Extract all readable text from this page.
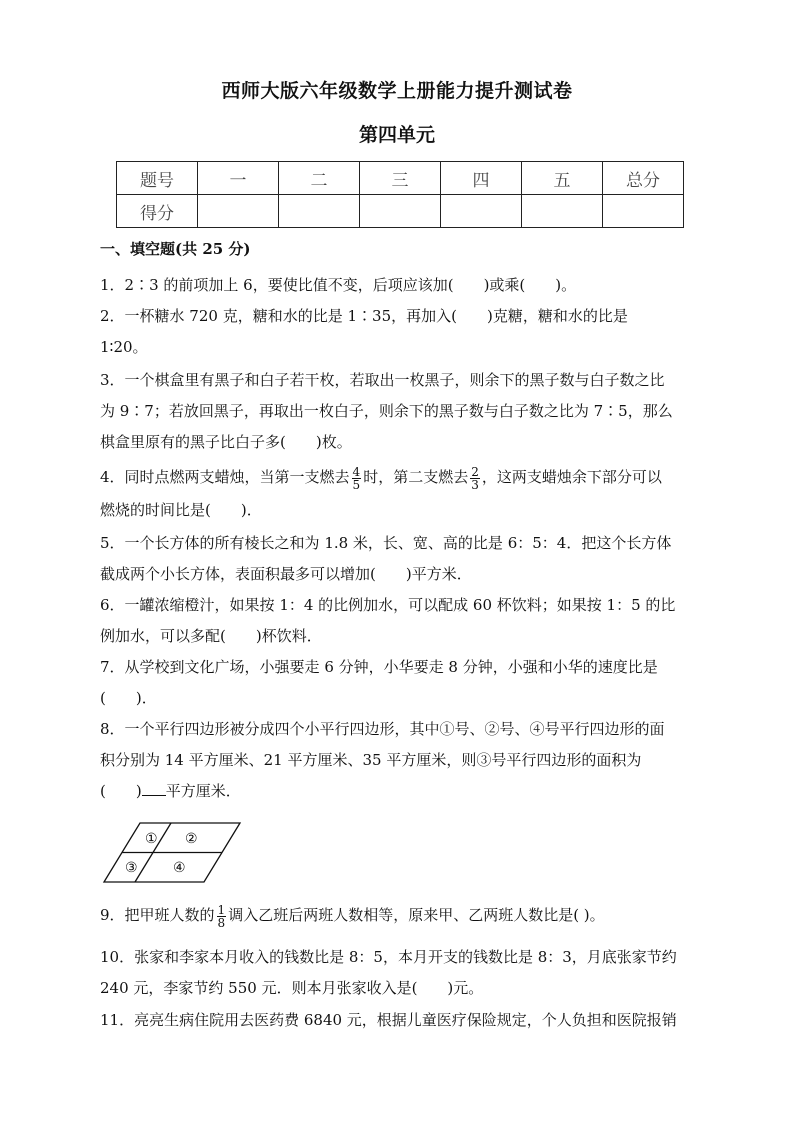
西师大版六年级数学上册能力提升测试卷
第四单元
题号	一	二	三	四	五	总分
得分						
一、填空题(共 25 分)
1．2∶3 的前项加上 6，要使比值不变，后项应该加(　　)或乘(　　)。
2．一杯糖水 720 克，糖和水的比是 1∶35，再加入(　　)克糖，糖和水的比是
1∶20。
3．一个棋盒里有黑子和白子若干枚，若取出一枚黑子，则余下的黑子数与白子数之比
为 9∶7；若放回黑子，再取出一枚白子，则余下的黑子数与白子数之比为 7∶5，那么
棋盒里原有的黑子比白子多(　　)枚。
4．同时点燃两支蜡烛，当第一支燃去 $\frac{4}{5}$ 时，第二支燃去 $\frac{2}{3}$ ，这两支蜡烛余下部分可以
燃烧的时间比是(　　)．
5．一个长方体的所有棱长之和为 1.8 米，长、宽、高的比是 6：5：4．把这个长方体
截成两个小长方体，表面积最多可以增加(　　)平方米．
6．一罐浓缩橙汁，如果按 1：4 的比例加水，可以配成 60 杯饮料；如果按 1：5 的比
例加水，可以多配(　　)杯饮料．
7．从学校到文化广场，小强要走 6 分钟，小华要走 8 分钟，小强和小华的速度比是
(　　)．
8．一个平行四边形被分成四个小平行四边形，其中①号、②号、④号平行四边形的面
积分别为 14 平方厘米、21 平方厘米、35 平方厘米，则③号平行四边形的面积为
(　　) 平方厘米．
① ②
③	④
9．把甲班人数的 $\frac{1}{8}$ 调入乙班后两班人数相等，原来甲、乙两班人数比是( )。
10．张家和李家本月收入的钱数比是 8：5，本月开支的钱数比是 8：3，月底张家节约
240 元，李家节约 550 元．则本月张家收入是(　　)元。
11．亮亮生病住院用去医药费 6840 元，根据儿童医疗保险规定，个人负担和医院报销
